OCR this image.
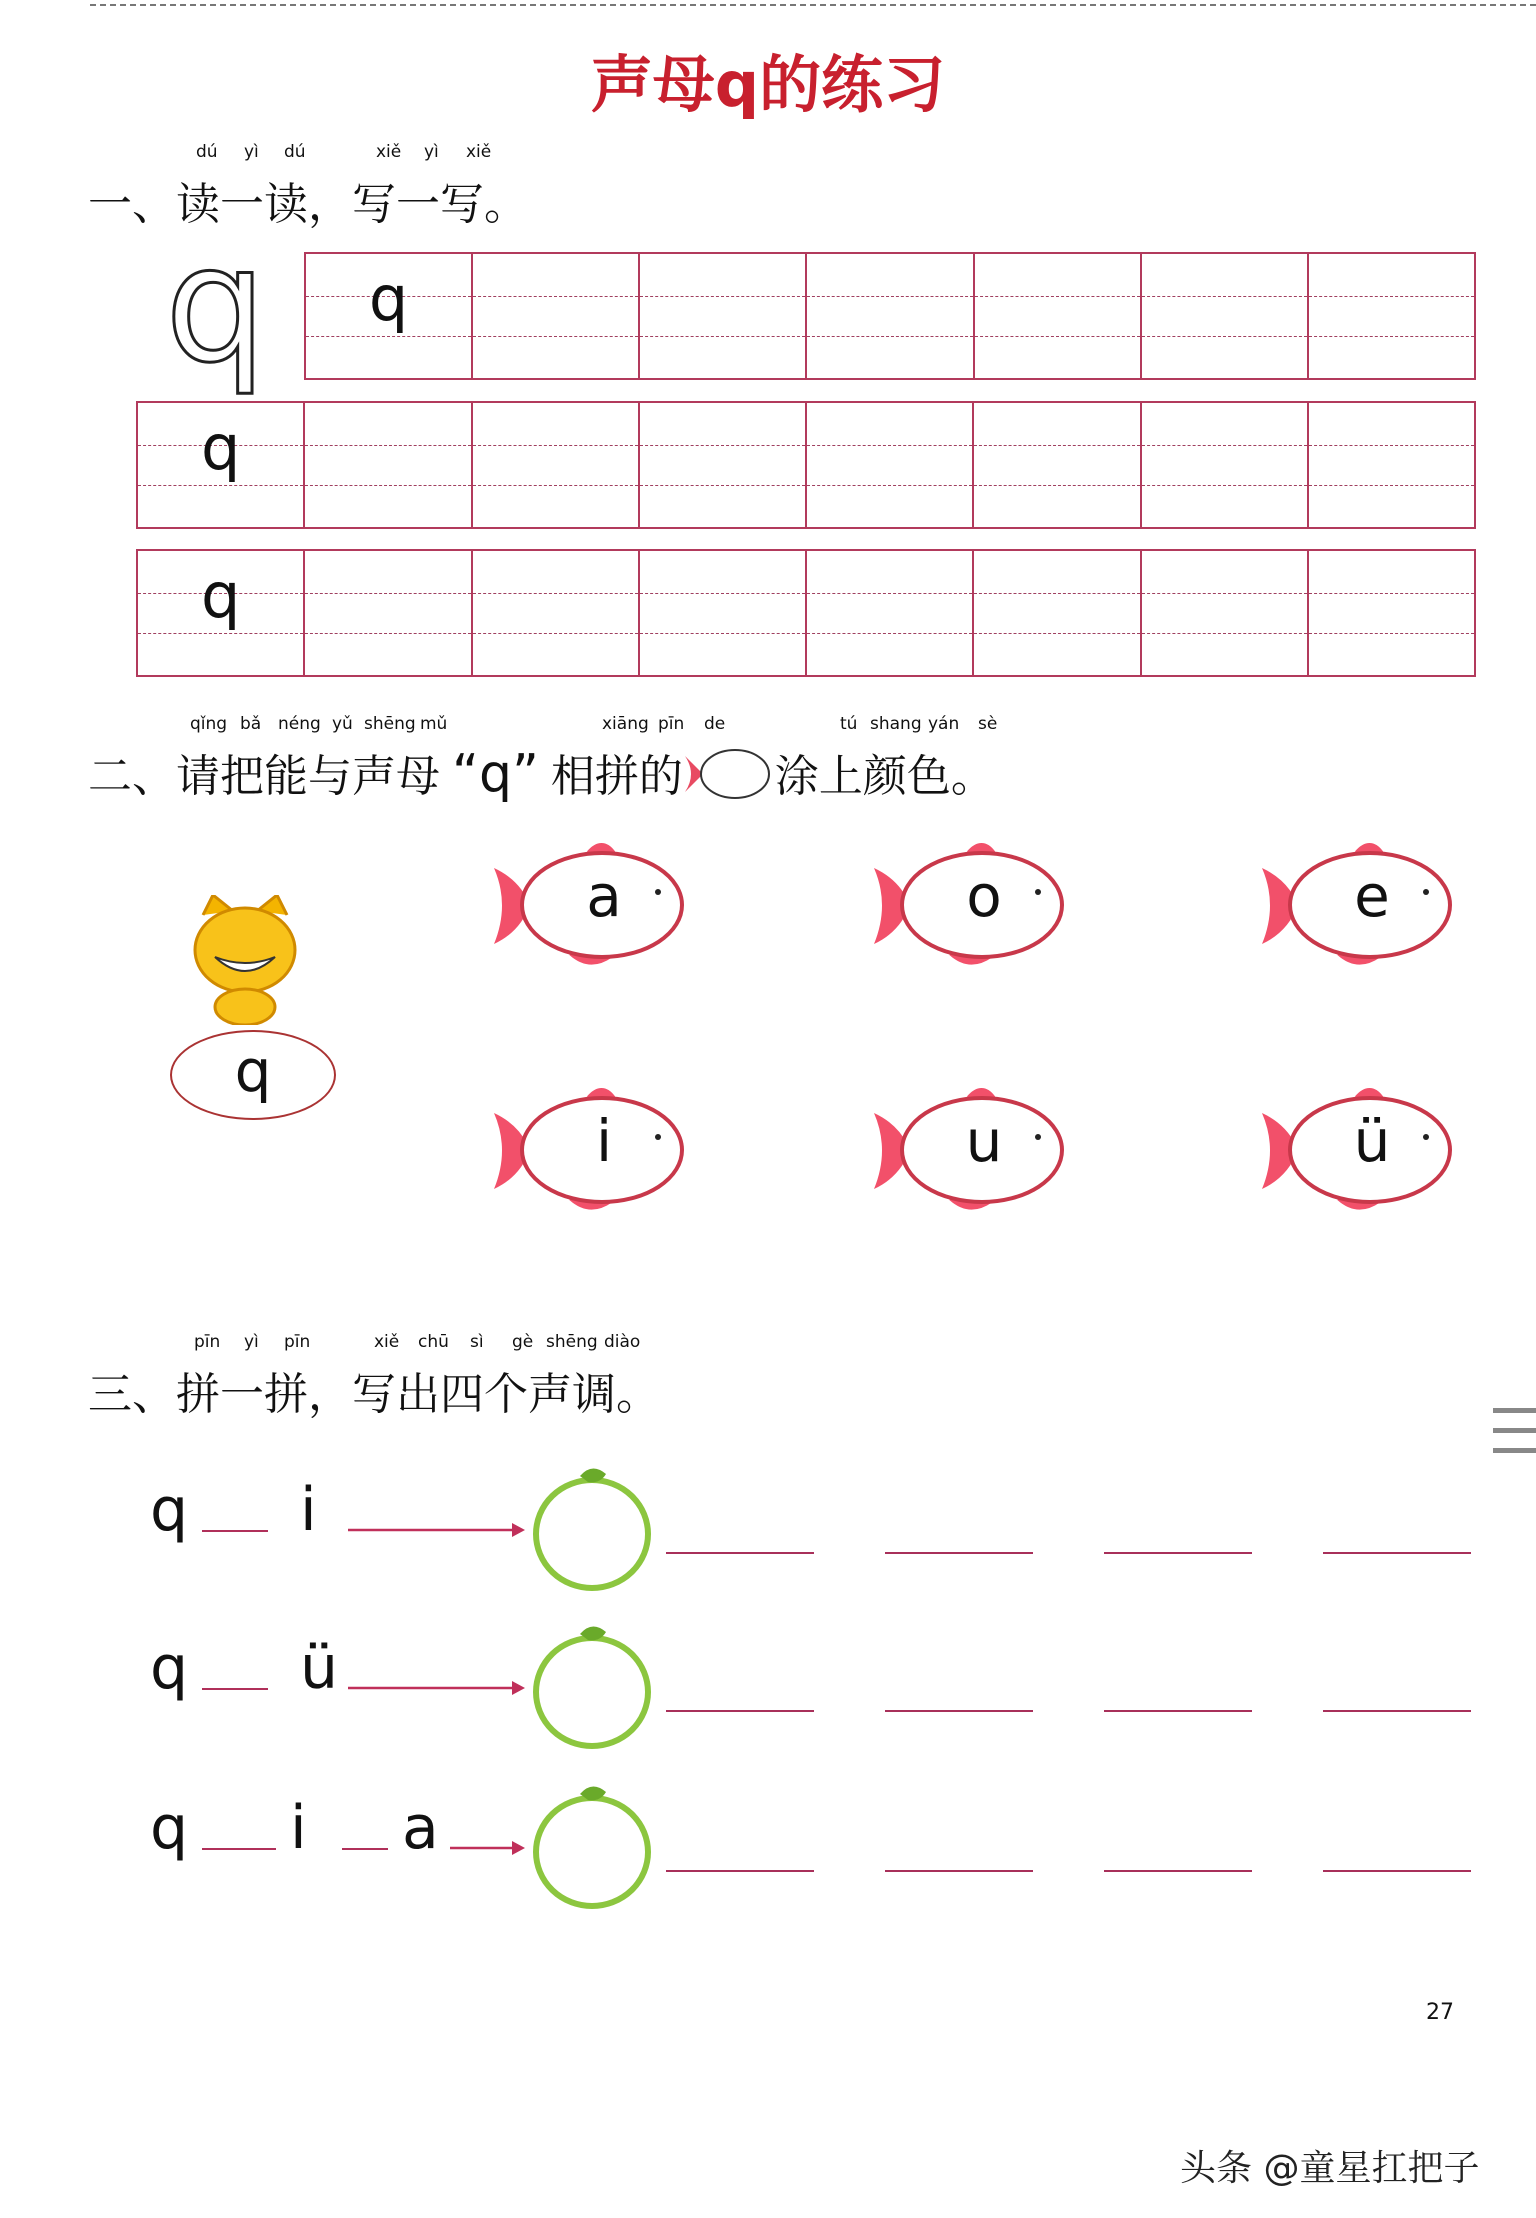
声母q的练习
dú yì dú	xiě yì xiě
一、读一读，写一写。
q	q
q
q
qǐng bǎ néng yǔ shēng mǔ	xiāng pīn de	tú shang yán sè
二、请把能与声母 “q” 相拼的 涂上颜色。
q
a	o	e
i	u	ü
pīn yì pīn	xiě chū sì gè shēng diào
三、拼一拼，写出四个声调。
q i
q ü
q i a
27
头条 @童星扛把子
